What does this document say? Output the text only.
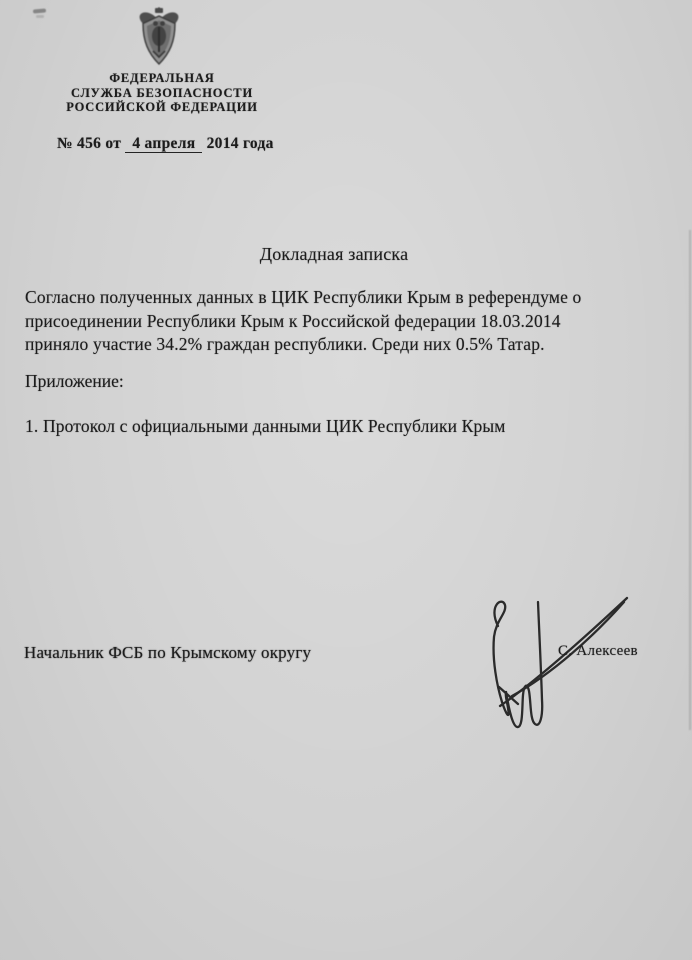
ФЕДЕРАЛЬНАЯ
СЛУЖБА БЕЗОПАСНОСТИ
РОССИЙСКОЙ ФЕДЕРАЦИИ
№ 456 от 4 апреля 2014 года
Докладная записка
Согласно полученных данных в ЦИК Республики Крым в референдуме о
присоединении Республики Крым к Российской федерации 18.03.2014
приняло участие 34.2% граждан республики. Среди них 0.5% Татар.
Приложение:
1. Протокол с официальными данными ЦИК Республики Крым
Начальник ФСБ по Крымскому округу	С. Алексеев
